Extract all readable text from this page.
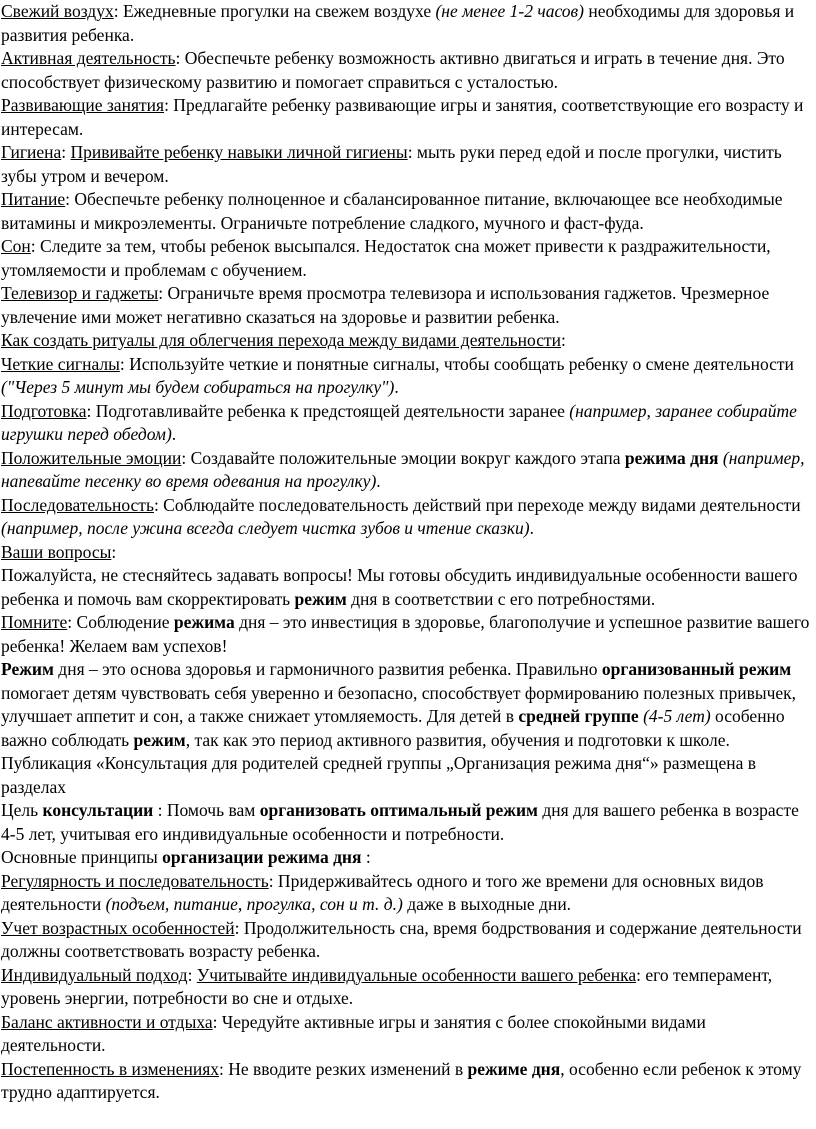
Свежий воздух: Ежедневные прогулки на свежем воздухе (не менее 1-2 часов) необходимы для здоровья и развития ребенка.

Активная деятельность: Обеспечьте ребенку возможность активно двигаться и играть в течение дня. Это способствует физическому развитию и помогает справиться с усталостью.

Развивающие занятия: Предлагайте ребенку развивающие игры и занятия, соответствующие его возрасту и интересам.

Гигиена: Прививайте ребенку навыки личной гигиены: мыть руки перед едой и после прогулки, чистить зубы утром и вечером.

Питание: Обеспечьте ребенку полноценное и сбалансированное питание, включающее все необходимые витамины и микроэлементы. Ограничьте потребление сладкого, мучного и фаст-фуда.

Сон: Следите за тем, чтобы ребенок высыпался. Недостаток сна может привести к раздражительности, утомляемости и проблемам с обучением.

Телевизор и гаджеты: Ограничьте время просмотра телевизора и использования гаджетов. Чрезмерное увлечение ими может негативно сказаться на здоровье и развитии ребенка.

Как создать ритуалы для облегчения перехода между видами деятельности:

Четкие сигналы: Используйте четкие и понятные сигналы, чтобы сообщать ребенку о смене деятельности ("Через 5 минут мы будем собираться на прогулку").

Подготовка: Подготавливайте ребенка к предстоящей деятельности заранее (например, заранее собирайте игрушки перед обедом).

Положительные эмоции: Создавайте положительные эмоции вокруг каждого этапа режима дня (например, напевайте песенку во время одевания на прогулку).

Последовательность: Соблюдайте последовательность действий при переходе между видами деятельности (например, после ужина всегда следует чистка зубов и чтение сказки).

Ваши вопросы:

Пожалуйста, не стесняйтесь задавать вопросы! Мы готовы обсудить индивидуальные особенности вашего ребенка и помочь вам скорректировать режим дня в соответствии с его потребностями.

Помните: Соблюдение режима дня – это инвестиция в здоровье, благополучие и успешное развитие вашего ребенка! Желаем вам успехов!

Режим дня – это основа здоровья и гармоничного развития ребенка. Правильно организованный режим помогает детям чувствовать себя уверенно и безопасно, способствует формированию полезных привычек, улучшает аппетит и сон, а также снижает утомляемость. Для детей в средней группе (4-5 лет) особенно важно соблюдать режим, так как это период активного развития, обучения и подготовки к школе.

Публикация «Консультация для родителей средней группы „Организация режима дня“» размещена в разделах

Цель консультации : Помочь вам организовать оптимальный режим дня для вашего ребенка в возрасте 4-5 лет, учитывая его индивидуальные особенности и потребности.

Основные принципы организации режима дня :

Регулярность и последовательность: Придерживайтесь одного и того же времени для основных видов деятельности (подъем, питание, прогулка, сон и т. д.) даже в выходные дни.

Учет возрастных особенностей: Продолжительность сна, время бодрствования и содержание деятельности должны соответствовать возрасту ребенка.

Индивидуальный подход: Учитывайте индивидуальные особенности вашего ребенка: его темперамент, уровень энергии, потребности во сне и отдыхе.

Баланс активности и отдыха: Чередуйте активные игры и занятия с более спокойными видами деятельности.

Постепенность в изменениях: Не вводите резких изменений в режиме дня, особенно если ребенок к этому трудно адаптируется.
